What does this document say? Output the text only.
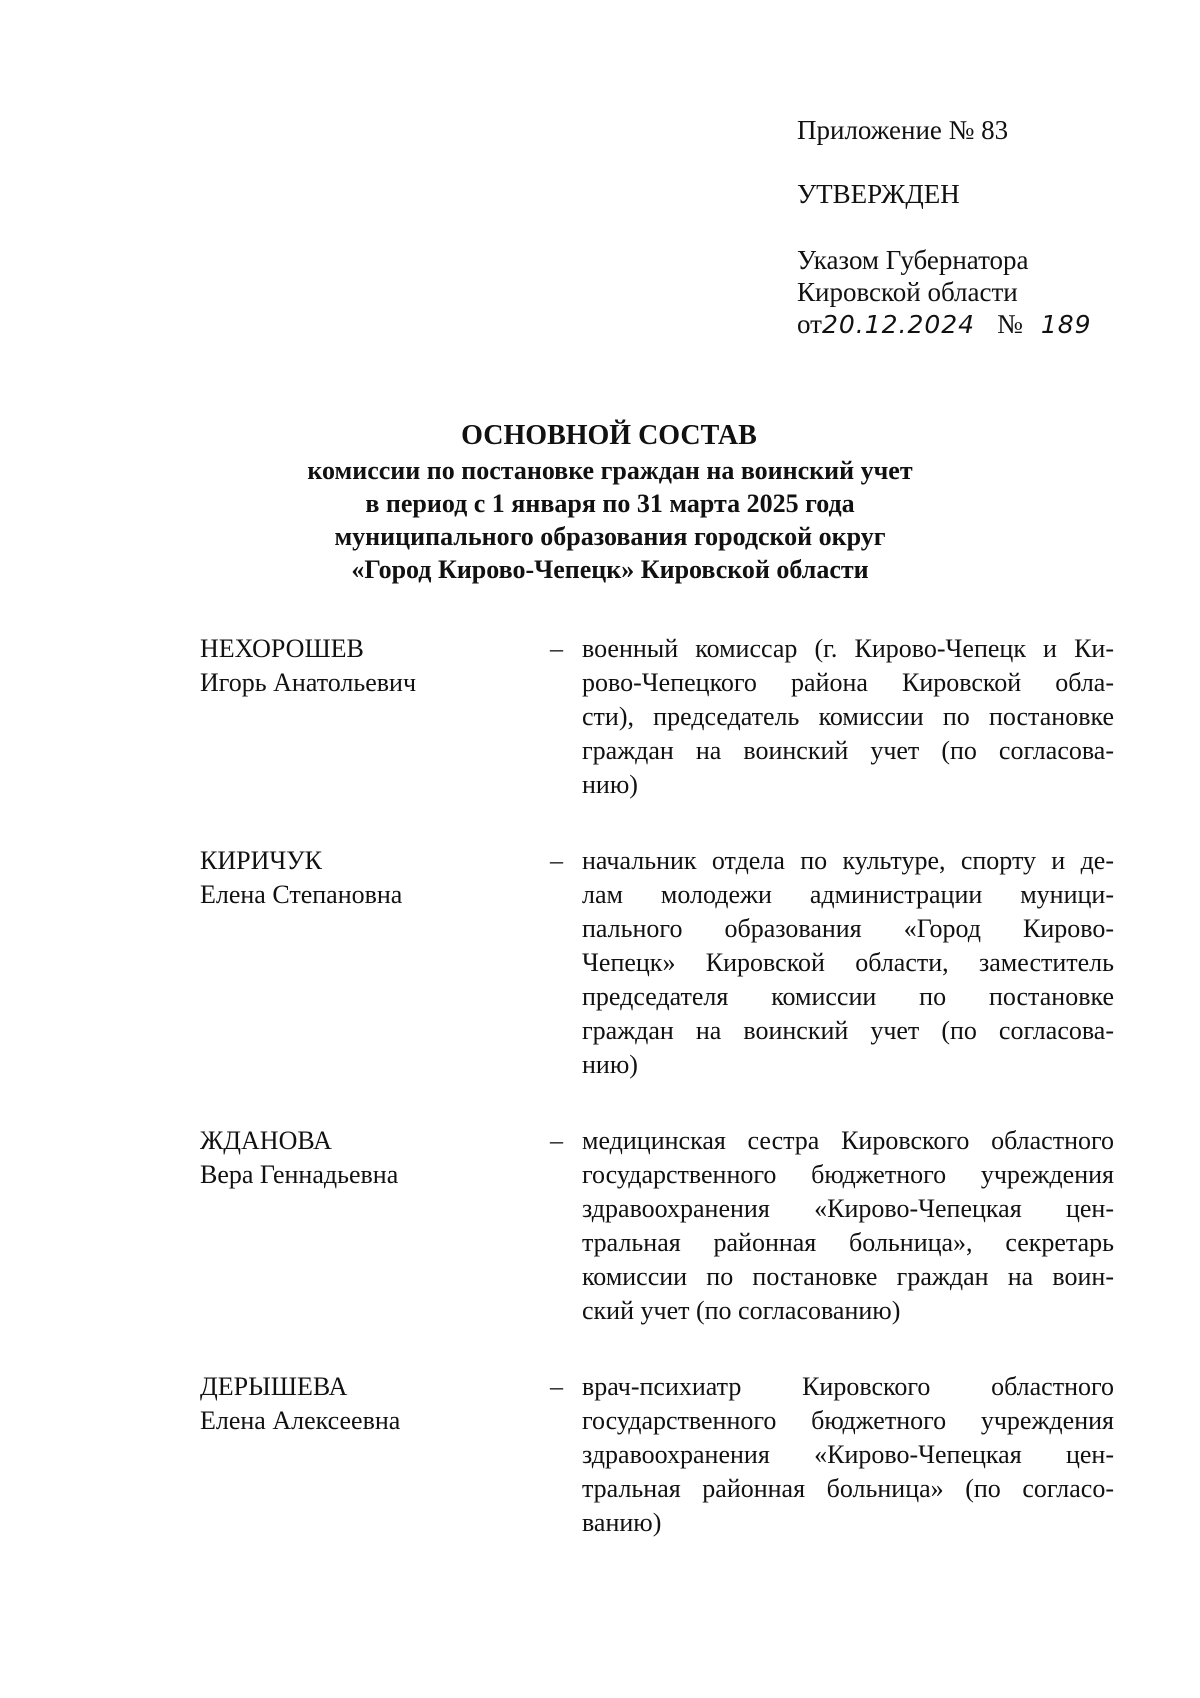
Приложение № 83
УТВЕРЖДЕН
Указом Губернатора
Кировской области
от20.12.2024 № 189
ОСНОВНОЙ СОСТАВ
комиссии по постановке граждан на воинский учет
в период с 1 января по 31 марта 2025 года
муниципального образования городской округ
«Город Кирово-Чепецк» Кировской области
НЕХОРОШЕВ
Игорь Анатольевич
– военный комиссар (г. Кирово-Чепецк и Ки-
рово-Чепецкого района Кировской обла-
сти), председатель комиссии по постановке
граждан на воинский учет (по согласова-
нию)
КИРИЧУК
Елена Степановна
– начальник отдела по культуре, спорту и де-
лам молодежи администрации муници-
пального образования «Город Кирово-
Чепецк» Кировской области, заместитель
председателя комиссии по постановке
граждан на воинский учет (по согласова-
нию)
ЖДАНОВА
Вера Геннадьевна
– медицинская сестра Кировского областного
государственного бюджетного учреждения
здравоохранения «Кирово-Чепецкая цен-
тральная районная больница», секретарь
комиссии по постановке граждан на воин-
ский учет (по согласованию)
ДЕРЫШЕВА
Елена Алексеевна
– врач-психиатр Кировского областного
государственного бюджетного учреждения
здравоохранения «Кирово-Чепецкая цен-
тральная районная больница» (по согласо-
ванию)
